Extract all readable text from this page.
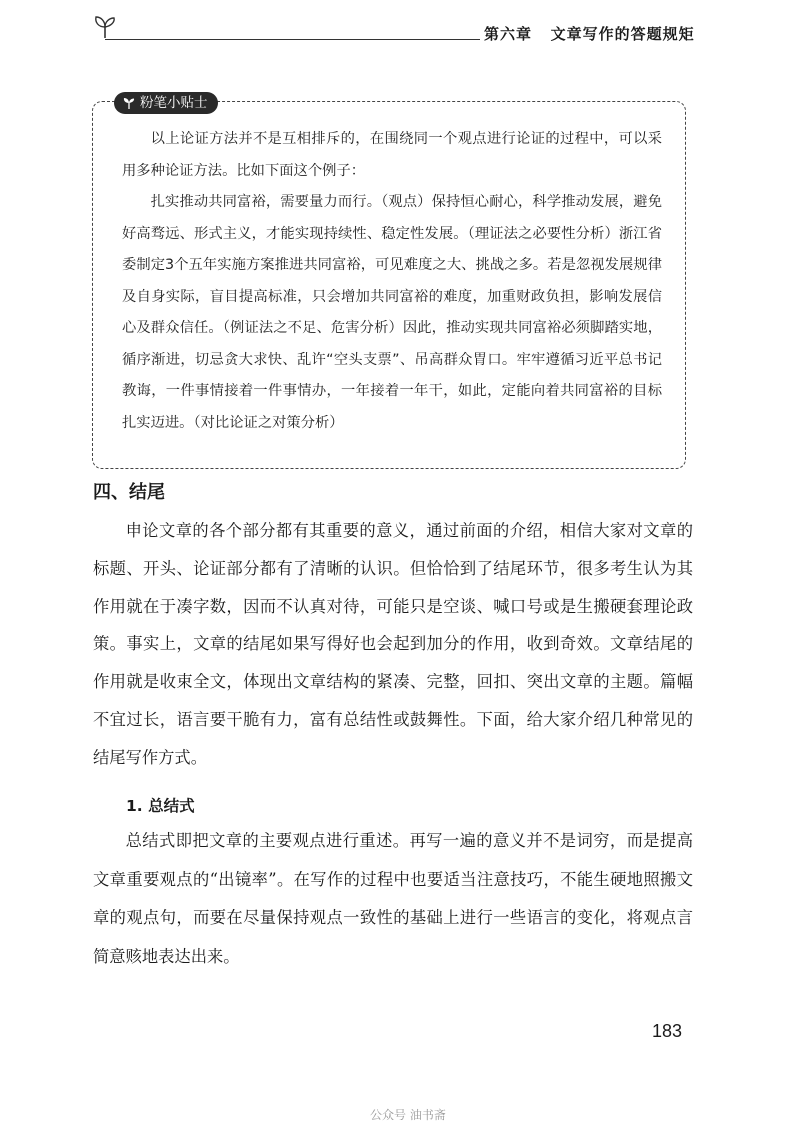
第六章   文章写作的答题规矩
粉笔小贴士

以上论证方法并不是互相排斥的，在围绕同一个观点进行论证的过程中，可以采用多种论证方法。比如下面这个例子：

扎实推动共同富裕，需要量力而行。（观点）保持恒心耐心，科学推动发展，避免好高骛远、形式主义，才能实现持续性、稳定性发展。（理证法之必要性分析）浙江省委制定3个五年实施方案推进共同富裕，可见难度之大、挑战之多。若是忽视发展规律及自身实际，盲目提高标准，只会增加共同富裕的难度，加重财政负担，影响发展信心及群众信任。（例证法之不足、危害分析）因此，推动实现共同富裕必须脚踏实地，循序渐进，切忌贪大求快、乱许“空头支票”、吊高群众胃口。牢牢遵循习近平总书记教诲，一件事情接着一件事情办，一年接着一年干，如此，定能向着共同富裕的目标扎实迈进。（对比论证之对策分析）

四、结尾

申论文章的各个部分都有其重要的意义，通过前面的介绍，相信大家对文章的标题、开头、论证部分都有了清晰的认识。但恰恰到了结尾环节，很多考生认为其作用就在于凑字数，因而不认真对待，可能只是空谈、喊口号或是生搬硬套理论政策。事实上，文章的结尾如果写得好也会起到加分的作用，收到奇效。文章结尾的作用就是收束全文，体现出文章结构的紧凑、完整，回扣、突出文章的主题。篇幅不宜过长，语言要干脆有力，富有总结性或鼓舞性。下面，给大家介绍几种常见的结尾写作方式。

1. 总结式

总结式即把文章的主要观点进行重述。再写一遍的意义并不是词穷，而是提高文章重要观点的“出镜率”。在写作的过程中也要适当注意技巧，不能生硬地照搬文章的观点句，而要在尽量保持观点一致性的基础上进行一些语言的变化，将观点言简意赅地表达出来。

183
公众号 油书斋
